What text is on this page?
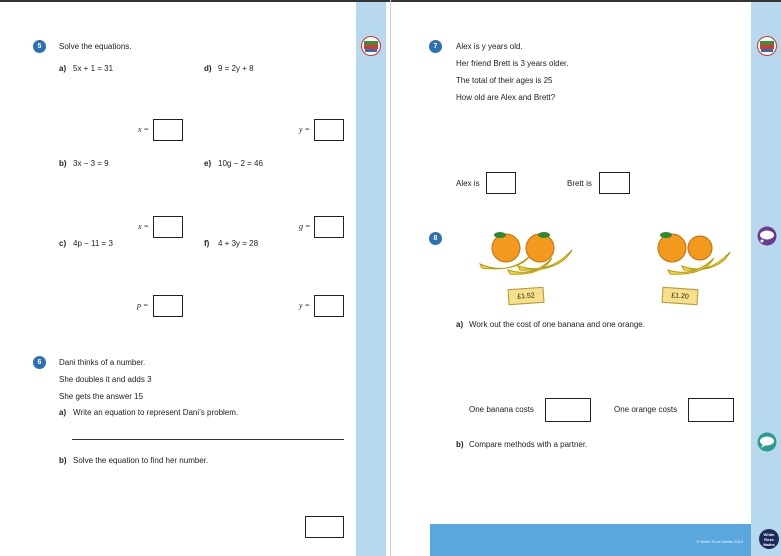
5	Solve the equations.
a) 5x + 1 = 31	d) 9 = 2y + 8
x =	y =
b) 3x − 3 = 9	e) 10g − 2 = 46
x =	g =
c) 4p − 11 = 3	f) 4 + 3y = 28
p =	y =
6	Dani thinks of a number.
She doubles it and adds 3
She gets the answer 15
a) Write an equation to represent Dani’s problem.
b) Solve the equation to find her number.
7	Alex is y years old.
Her friend Brett is 3 years older.
The total of their ages is 25
How old are Alex and Brett?
Alex is	Brett is
8
£1.52	£1.20
a) Work out the cost of one banana and one orange.
One banana costs	One orange costs
b) Compare methods with a partner.
© White Rose Maths 2019
White Rose Maths
